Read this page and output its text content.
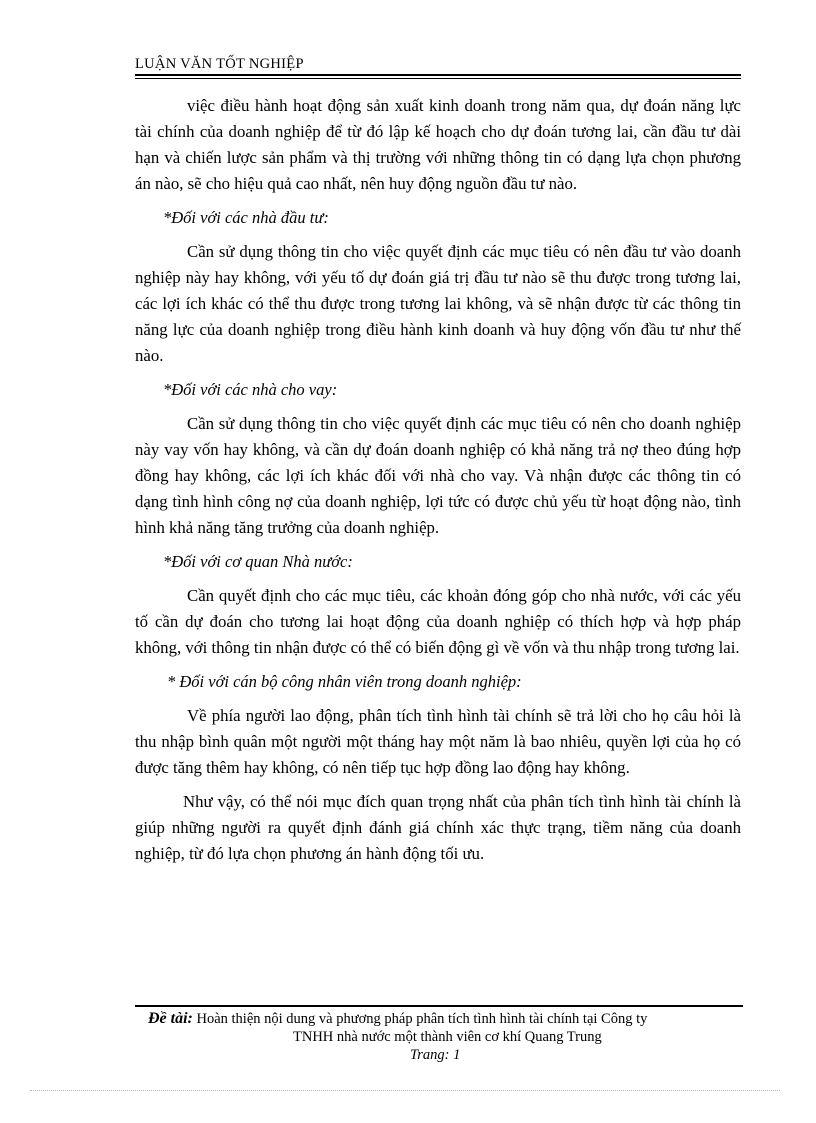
LUẬN VĂN TỐT NGHIỆP

việc điều hành hoạt động sản xuất kinh doanh trong năm qua, dự đoán năng lực tài chính của doanh nghiệp để từ đó lập kế hoạch cho dự đoán tương lai, cần đầu tư dài hạn và chiến lược sản phẩm và thị trường với những thông tin có dạng lựa chọn phương án nào, sẽ cho hiệu quả cao nhất, nên huy động nguồn đầu tư nào.

*Đối với các nhà đầu tư:

Cần sử dụng thông tin cho việc quyết định các mục tiêu có nên đầu tư vào doanh nghiệp này hay không, với yếu tố dự đoán giá trị đầu tư nào sẽ thu được trong tương lai, các lợi ích khác có thể thu được trong tương lai không, và sẽ nhận được từ các thông tin năng lực của doanh nghiệp trong điều hành kinh doanh và huy động vốn đầu tư như thế nào.

*Đối với các nhà cho vay:

Cần sử dụng thông tin cho việc quyết định các mục tiêu có nên cho doanh nghiệp này vay vốn hay không, và cần dự đoán doanh nghiệp có khả năng trả nợ theo đúng hợp đồng hay không, các lợi ích khác đối với nhà cho vay. Và nhận được các thông tin có dạng tình hình công nợ của doanh nghiệp, lợi tức có được chủ yếu từ hoạt động nào, tình hình khả năng tăng trưởng của doanh nghiệp.

*Đối với cơ quan Nhà nước:

Cần quyết định cho các mục tiêu, các khoản đóng góp cho nhà nước, với các yếu tố cần dự đoán cho tương lai hoạt động của doanh nghiệp có thích hợp và hợp pháp không, với thông tin nhận được có thể có biến động gì về vốn và thu nhập trong tương lai.

* Đối với cán bộ công nhân viên trong doanh nghiệp:

Về phía người lao động, phân tích tình hình tài chính sẽ trả lời cho họ câu hỏi là thu nhập bình quân một người một tháng hay một năm là bao nhiêu, quyền lợi của họ có được tăng thêm hay không, có nên tiếp tục hợp đồng lao động hay không.

Như vậy, có thể nói mục đích quan trọng nhất của phân tích tình hình tài chính là giúp những người ra quyết định đánh giá chính xác thực trạng, tiềm năng của doanh nghiệp, từ đó lựa chọn phương án hành động tối ưu.

Đề tài: Hoàn thiện nội dung và phương pháp phân tích tình hình tài chính tại Công ty
TNHH nhà nước một thành viên cơ khí Quang Trung
Trang: 1
